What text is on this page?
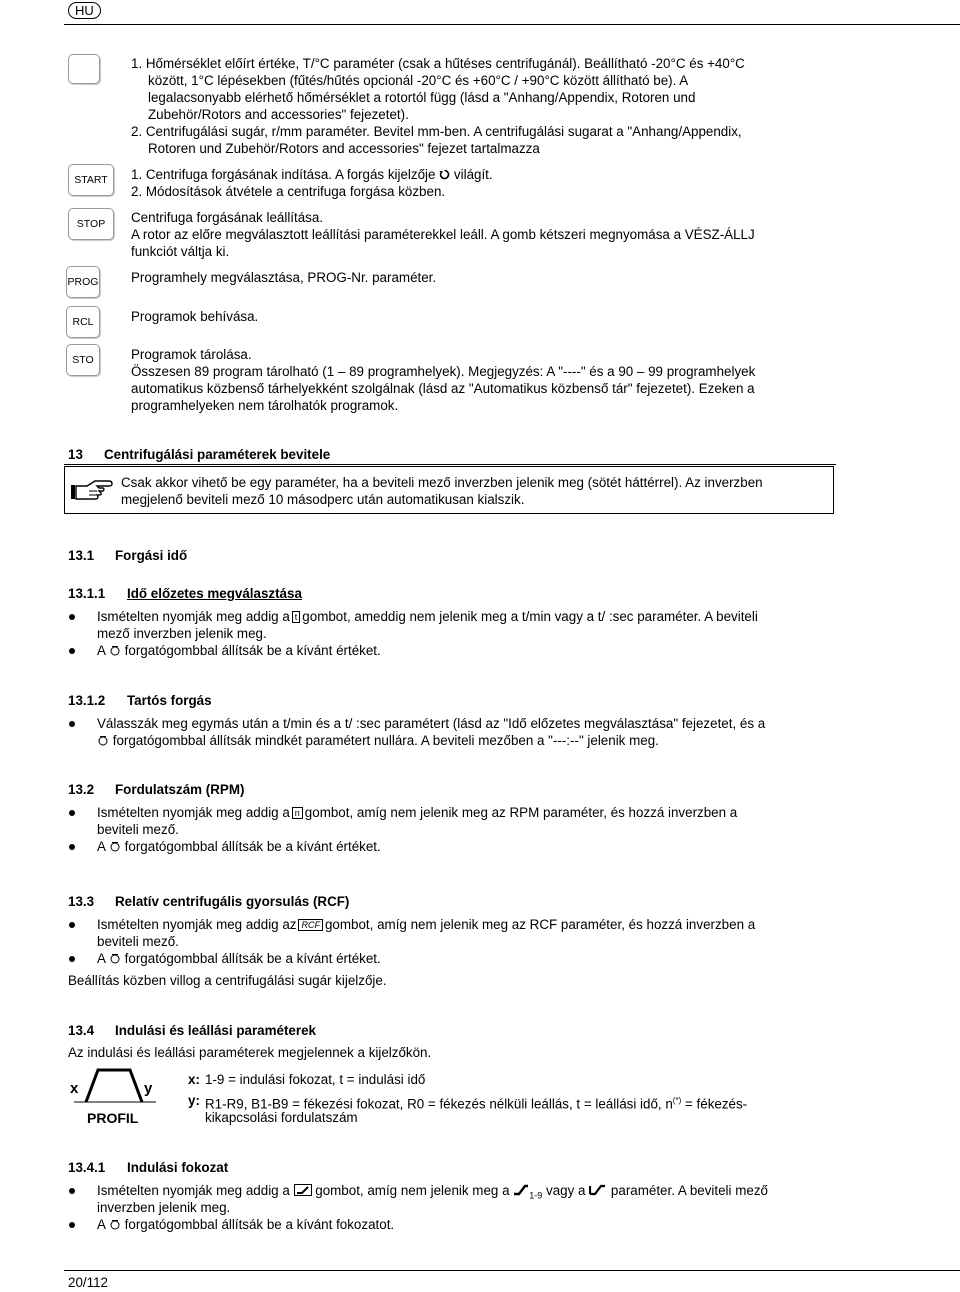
HU
START
STOP
PROG
RCL
STO
1. Hőmérséklet előírt értéke, T/°C paraméter (csak a hűtéses centrifugánál). Beállítható -20°C és +40°C
között, 1°C lépésekben (fűtés/hűtés opcionál -20°C és +60°C / +90°C között állítható be). A
legalacsonyabb elérhető hőmérséklet a rotortól függ (lásd a "Anhang/Appendix, Rotoren und
Zubehör/Rotors and accessories" fejezetet).
2. Centrifugálási sugár, r/mm paraméter. Bevitel mm-ben. A centrifugálási sugarat a "Anhang/Appendix,
Rotoren und Zubehör/Rotors and accessories" fejezet tartalmazza
1. Centrifuga forgásának indítása. A forgás kijelzője világít.
2. Módosítások átvétele a centrifuga forgása közben.
Centrifuga forgásának leállítása.
A rotor az előre megválasztott leállítási paraméterekkel leáll. A gomb kétszeri megnyomása a VÉSZ-ÁLLJ
funkciót váltja ki.
Programhely megválasztása, PROG-Nr. paraméter.
Programok behívása.
Programok tárolása.
Összesen 89 program tárolható (1 – 89 programhelyek). Megjegyzés: A "----" és a 90 – 99 programhelyek
automatikus közbenső tárhelyekként szolgálnak (lásd az "Automatikus közbenső tár" fejezetet). Ezeken a
programhelyeken nem tárolhatók programok.
13 Centrifugálási paraméterek bevitele
Csak akkor vihető be egy paraméter, ha a beviteli mező inverzben jelenik meg (sötét háttérrel). Az inverzben
megjelenő beviteli mező 10 másodperc után automatikusan kialszik.
13.1 Forgási idő
13.1.1 Idő előzetes megválasztása
Ismételten nyomják meg addig a t gombot, ameddig nem jelenik meg a t/min vagy a t/ :sec paraméter. A beviteli
mező inverzben jelenik meg.
A forgatógombbal állítsák be a kívánt értéket.
13.1.2 Tartós forgás
Válasszák meg egymás után a t/min és a t/ :sec paramétert (lásd az "Idő előzetes megválasztása" fejezetet, és a
forgatógombbal állítsák mindkét paramétert nullára. A beviteli mezőben a "---:--" jelenik meg.
13.2 Fordulatszám (RPM)
Ismételten nyomják meg addig a n gombot, amíg nem jelenik meg az RPM paraméter, és hozzá inverzben a
beviteli mező.
A forgatógombbal állítsák be a kívánt értéket.
13.3 Relatív centrifugális gyorsulás (RCF)
Ismételten nyomják meg addig az RCF gombot, amíg nem jelenik meg az RCF paraméter, és hozzá inverzben a
beviteli mező.
A forgatógombbal állítsák be a kívánt értéket.
Beállítás közben villog a centrifugálási sugár kijelzője.
13.4 Indulási és leállási paraméterek
Az indulási és leállási paraméterek megjelennek a kijelzőkön.
x	y
PROFIL
x: 1-9 = indulási fokozat, t = indulási idő
y: R1-R9, B1-B9 = fékezési fokozat, R0 = fékezés nélküli leállás, t = leállási idő, n(*) = fékezés-
kikapcsolási fordulatszám
13.4.1 Indulási fokozat
Ismételten nyomják meg addig a gombot, amíg nem jelenik meg a $_{1-9}$ vagy a paraméter. A beviteli mező
inverzben jelenik meg.
A forgatógombbal állítsák be a kívánt fokozatot.
20/112
